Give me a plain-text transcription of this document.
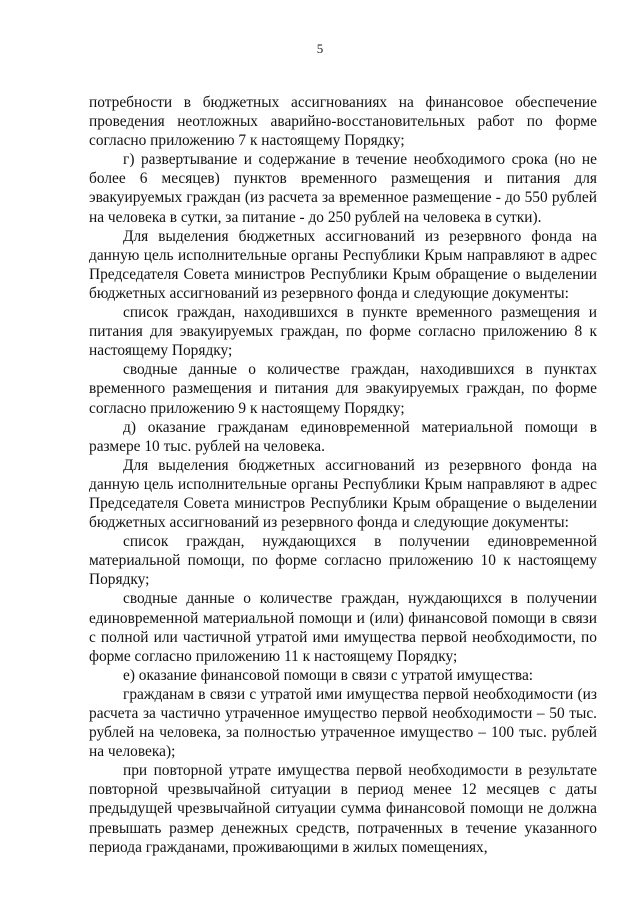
5

потребности в бюджетных ассигнованиях на финансовое обеспечение проведения неотложных аварийно-восстановительных работ по форме согласно приложению 7 к настоящему Порядку;

г) развертывание и содержание в течение необходимого срока (но не более 6 месяцев) пунктов временного размещения и питания для эвакуируемых граждан (из расчета за временное размещение - до 550 рублей на человека в сутки, за питание - до 250 рублей на человека в сутки).

Для выделения бюджетных ассигнований из резервного фонда на данную цель исполнительные органы Республики Крым направляют в адрес Председателя Совета министров Республики Крым обращение о выделении бюджетных ассигнований из резервного фонда и следующие документы:

список граждан, находившихся в пункте временного размещения и питания для эвакуируемых граждан, по форме согласно приложению 8 к настоящему Порядку;

сводные данные о количестве граждан, находившихся в пунктах временного размещения и питания для эвакуируемых граждан, по форме согласно приложению 9 к настоящему Порядку;

д) оказание гражданам единовременной материальной помощи в размере 10 тыс. рублей на человека.

Для выделения бюджетных ассигнований из резервного фонда на данную цель исполнительные органы Республики Крым направляют в адрес Председателя Совета министров Республики Крым обращение о выделении бюджетных ассигнований из резервного фонда и следующие документы:

список граждан, нуждающихся в получении единовременной материальной помощи, по форме согласно приложению 10 к настоящему Порядку;

сводные данные о количестве граждан, нуждающихся в получении единовременной материальной помощи и (или) финансовой помощи в связи с полной или частичной утратой ими имущества первой необходимости, по форме согласно приложению 11 к настоящему Порядку;

е) оказание финансовой помощи в связи с утратой имущества:

гражданам в связи с утратой ими имущества первой необходимости (из расчета за частично утраченное имущество первой необходимости – 50 тыс. рублей на человека, за полностью утраченное имущество – 100 тыс. рублей на человека);

при повторной утрате имущества первой необходимости в результате повторной чрезвычайной ситуации в период менее 12 месяцев с даты предыдущей чрезвычайной ситуации сумма финансовой помощи не должна превышать размер денежных средств, потраченных в течение указанного периода гражданами, проживающими в жилых помещениях,
